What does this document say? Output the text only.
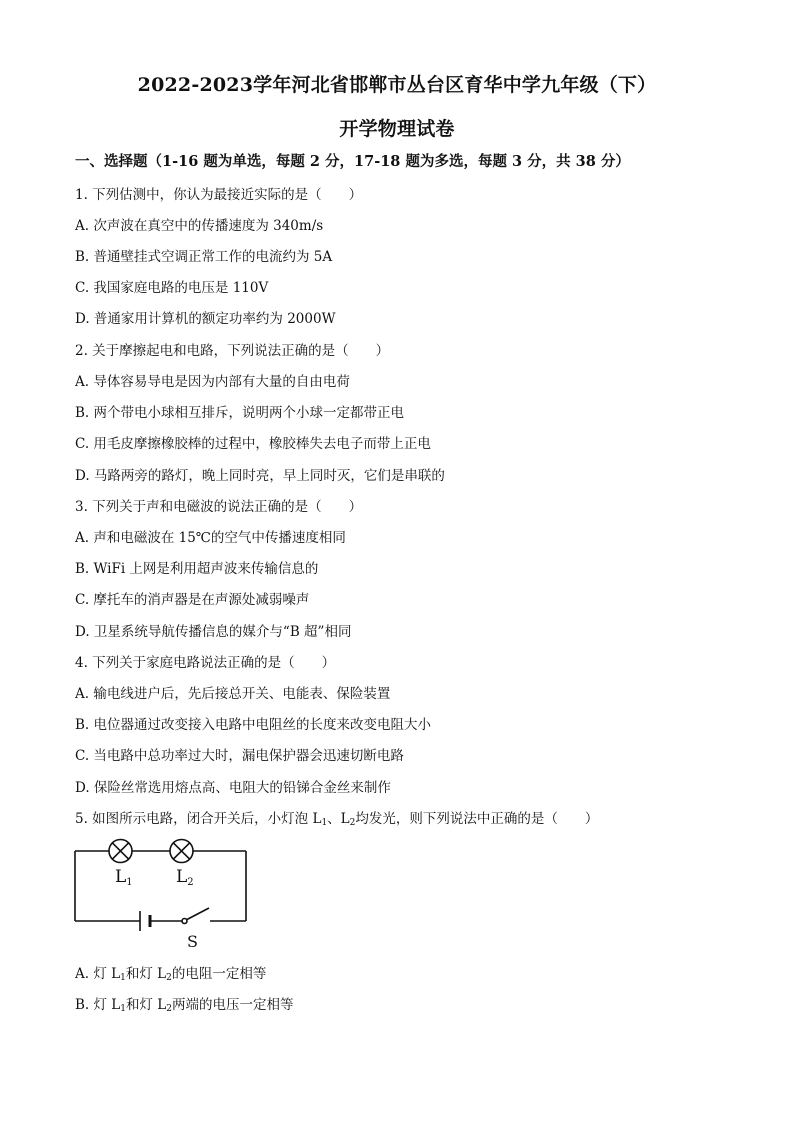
2022-2023学年河北省邯郸市丛台区育华中学九年级（下）
开学物理试卷
一、选择题（1-16 题为单选，每题 2 分，17-18 题为多选，每题 3 分，共 38 分）
1. 下列估测中，你认为最接近实际的是（　　）
A. 次声波在真空中的传播速度为 340m/s
B. 普通壁挂式空调正常工作的电流约为 5A
C. 我国家庭电路的电压是 110V
D. 普通家用计算机的额定功率约为 2000W
2. 关于摩擦起电和电路，下列说法正确的是（　　）
A. 导体容易导电是因为内部有大量的自由电荷
B. 两个带电小球相互排斥，说明两个小球一定都带正电
C. 用毛皮摩擦橡胶棒的过程中，橡胶棒失去电子而带上正电
D. 马路两旁的路灯，晚上同时亮，早上同时灭，它们是串联的
3. 下列关于声和电磁波的说法正确的是（　　）
A. 声和电磁波在 15℃的空气中传播速度相同
B. WiFi 上网是利用超声波来传输信息的
C. 摩托车的消声器是在声源处减弱噪声
D. 卫星系统导航传播信息的媒介与“B 超”相同
4. 下列关于家庭电路说法正确的是（　　）
A. 输电线进户后，先后接总开关、电能表、保险装置
B. 电位器通过改变接入电路中电阻丝的长度来改变电阻大小
C. 当电路中总功率过大时，漏电保护器会迅速切断电路
D. 保险丝常选用熔点高、电阻大的铅锑合金丝来制作
5. 如图所示电路，闭合开关后，小灯泡 $L_1$、$L_2$均发光，则下列说法中正确的是（　　）
L1	L2
S
A. 灯 $L_1$和灯 $L_2$的电阻一定相等
B. 灯 $L_1$和灯 $L_2$两端的电压一定相等
